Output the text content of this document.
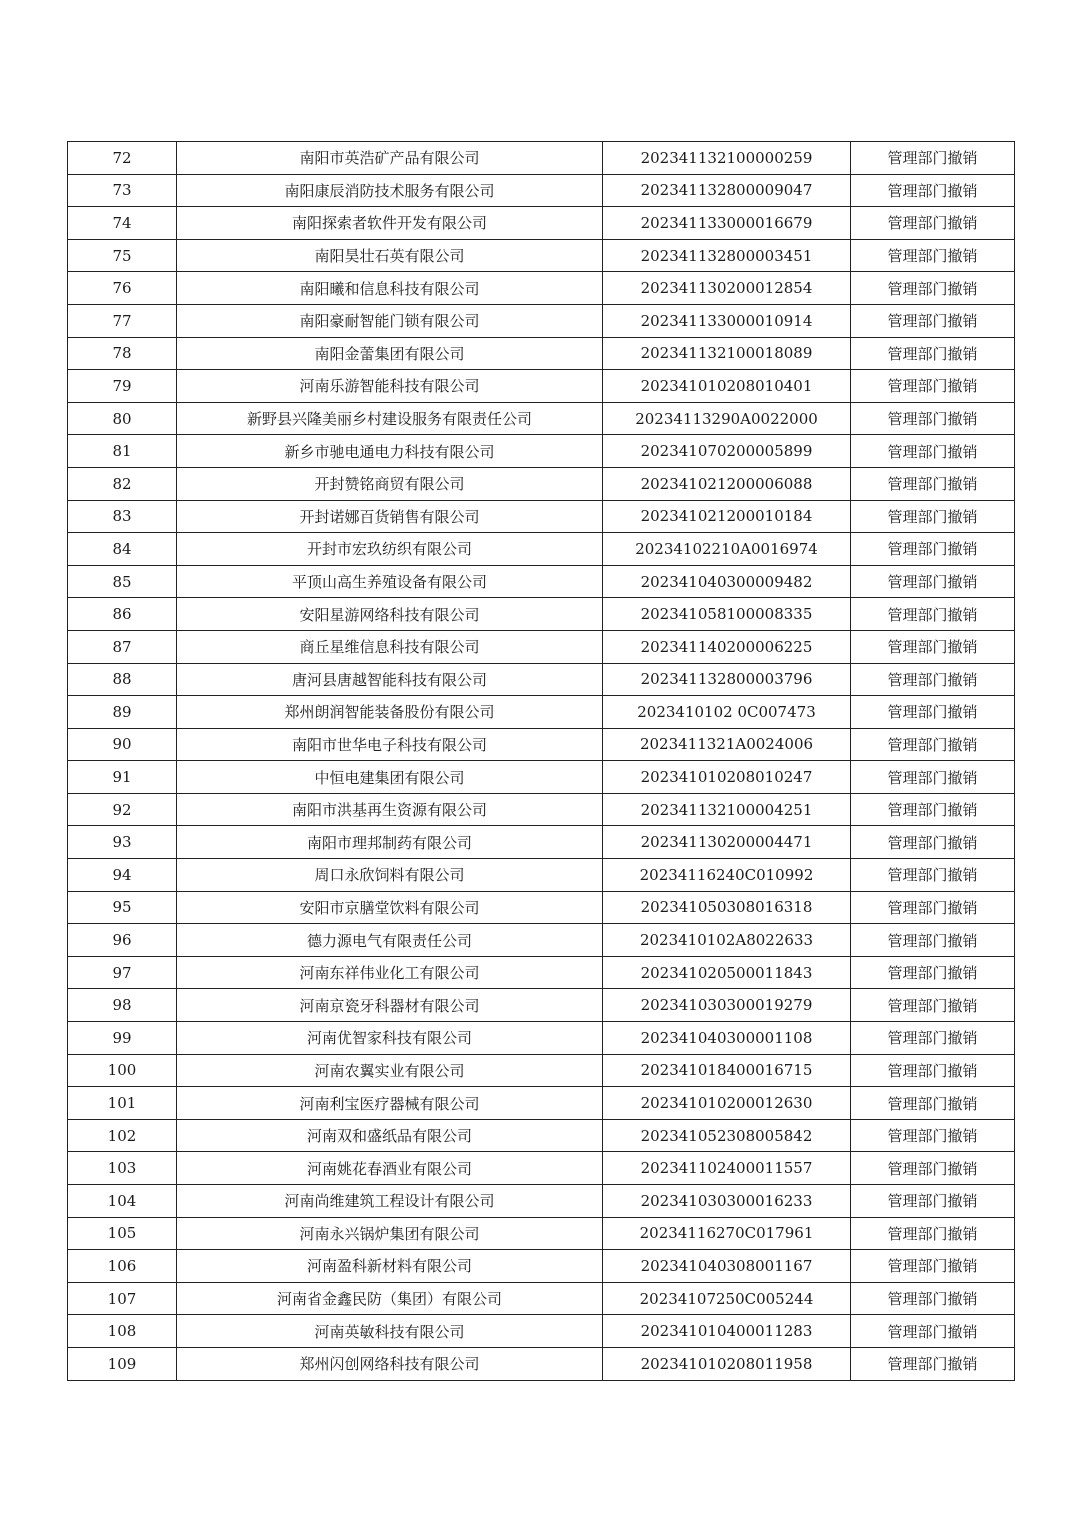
72	南阳市英浩矿产品有限公司	202341132100000259	管理部门撤销
73	南阳康辰消防技术服务有限公司	202341132800009047	管理部门撤销
74	南阳探索者软件开发有限公司	202341133000016679	管理部门撤销
75	南阳昊壮石英有限公司	202341132800003451	管理部门撤销
76	南阳曦和信息科技有限公司	202341130200012854	管理部门撤销
77	南阳豪耐智能门锁有限公司	202341133000010914	管理部门撤销
78	南阳金蕾集团有限公司	202341132100018089	管理部门撤销
79	河南乐游智能科技有限公司	202341010208010401	管理部门撤销
80	新野县兴隆美丽乡村建设服务有限责任公司	20234113290A0022000	管理部门撤销
81	新乡市驰电通电力科技有限公司	202341070200005899	管理部门撤销
82	开封赞铭商贸有限公司	202341021200006088	管理部门撤销
83	开封诺娜百货销售有限公司	202341021200010184	管理部门撤销
84	开封市宏玖纺织有限公司	20234102210A0016974	管理部门撤销
85	平顶山高生养殖设备有限公司	202341040300009482	管理部门撤销
86	安阳星游网络科技有限公司	202341058100008335	管理部门撤销
87	商丘星维信息科技有限公司	202341140200006225	管理部门撤销
88	唐河县唐越智能科技有限公司	202341132800003796	管理部门撤销
89	郑州朗润智能装备股份有限公司	2023410102 0C007473	管理部门撤销
90	南阳市世华电子科技有限公司	2023411321A0024006	管理部门撤销
91	中恒电建集团有限公司	202341010208010247	管理部门撤销
92	南阳市洪基再生资源有限公司	202341132100004251	管理部门撤销
93	南阳市理邦制药有限公司	202341130200004471	管理部门撤销
94	周口永欣饲料有限公司	20234116240C010992	管理部门撤销
95	安阳市京膳堂饮料有限公司	202341050308016318	管理部门撤销
96	德力源电气有限责任公司	2023410102A8022633	管理部门撤销
97	河南东祥伟业化工有限公司	202341020500011843	管理部门撤销
98	河南京瓷牙科器材有限公司	202341030300019279	管理部门撤销
99	河南优智家科技有限公司	202341040300001108	管理部门撤销
100	河南农翼实业有限公司	202341018400016715	管理部门撤销
101	河南利宝医疗器械有限公司	202341010200012630	管理部门撤销
102	河南双和盛纸品有限公司	202341052308005842	管理部门撤销
103	河南姚花春酒业有限公司	202341102400011557	管理部门撤销
104	河南尚维建筑工程设计有限公司	202341030300016233	管理部门撤销
105	河南永兴锅炉集团有限公司	20234116270C017961	管理部门撤销
106	河南盈科新材料有限公司	202341040308001167	管理部门撤销
107	河南省金鑫民防（集团）有限公司	20234107250C005244	管理部门撤销
108	河南英敏科技有限公司	202341010400011283	管理部门撤销
109	郑州闪创网络科技有限公司	202341010208011958	管理部门撤销
